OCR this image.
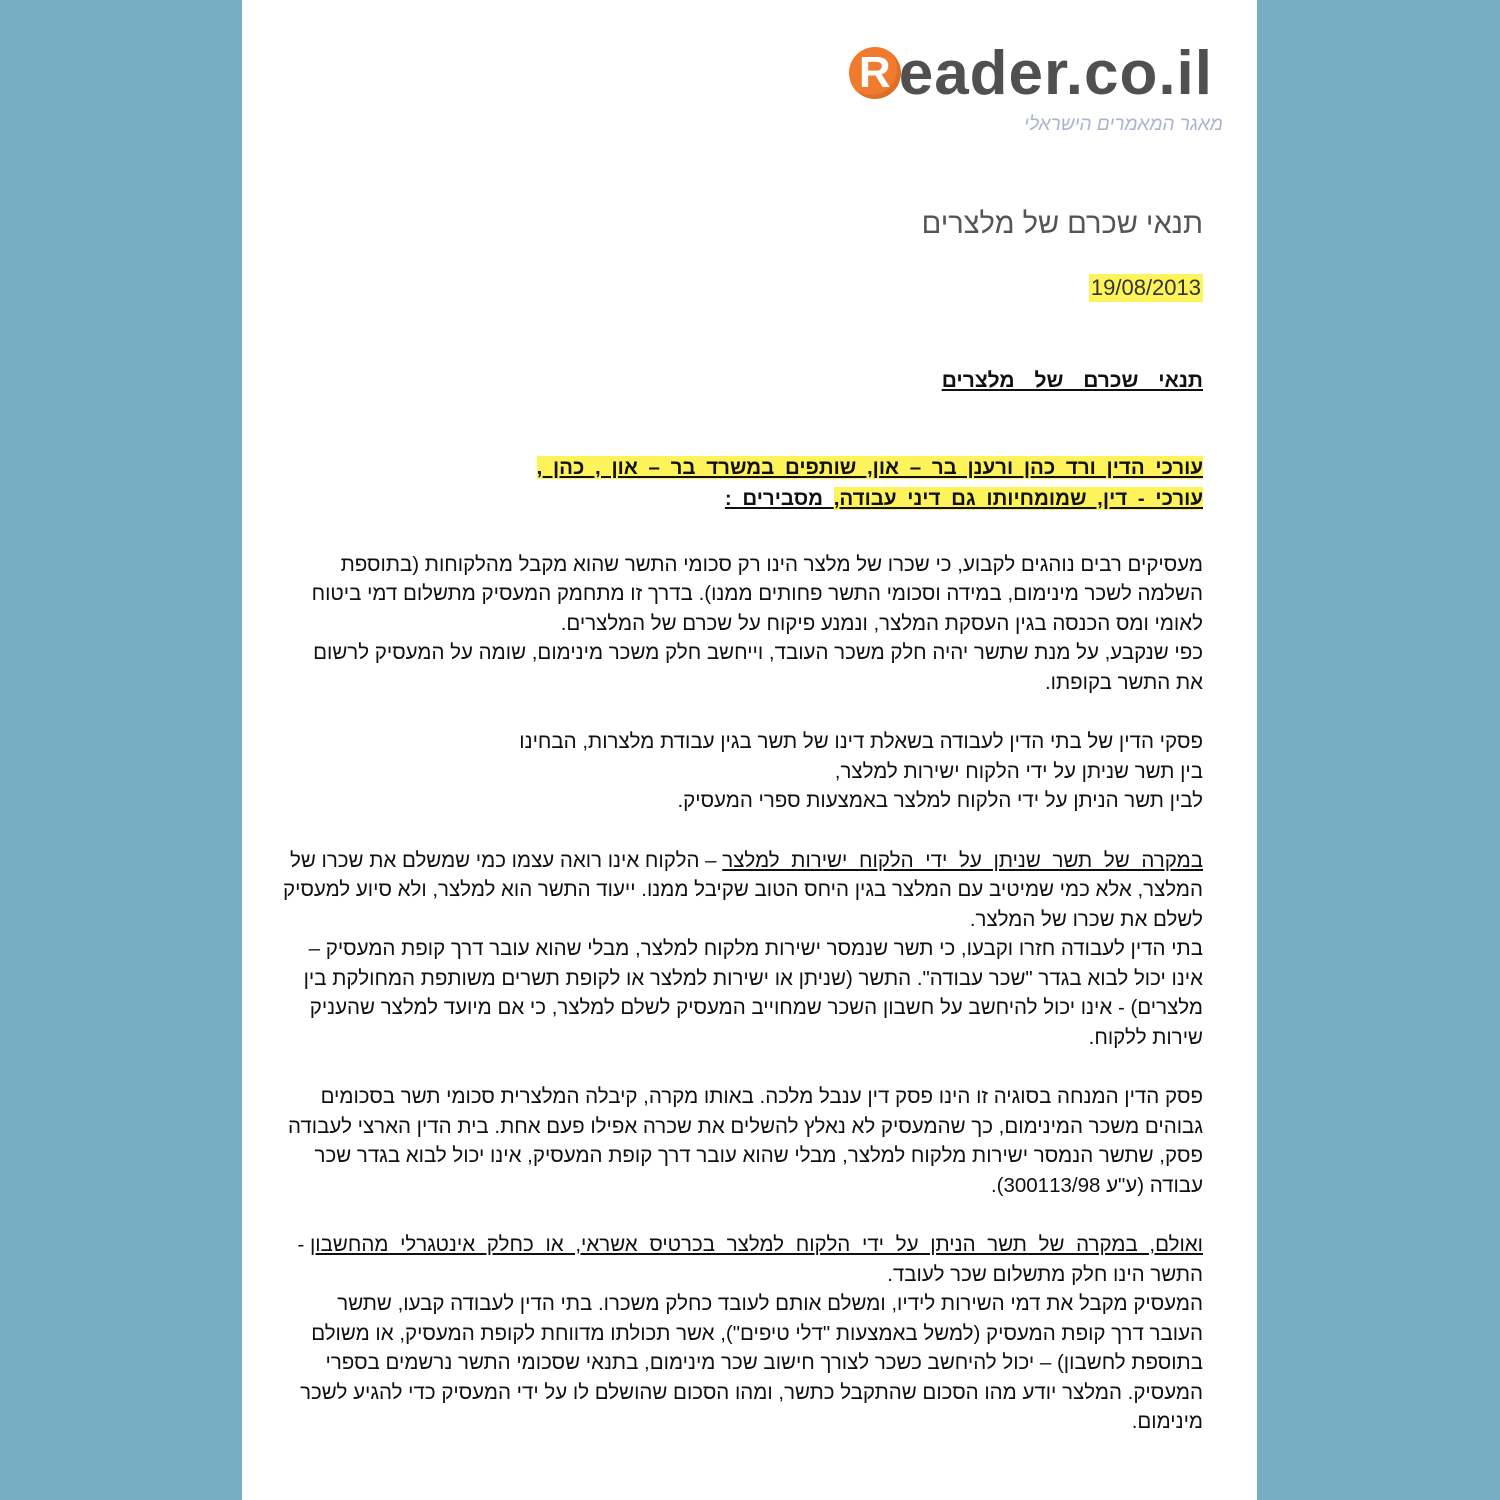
R eader.co.il
מאגר המאמרים הישראלי
תנאי שכרם של מלצרים
19/08/2013

תנאי שכרם של מלצרים

עורכי הדין ורד כהן ורענן בר – און, שותפים במשרד בר – און , כהן , עורכי - דין, שמומחיותו גם דיני עבודה, מסבירים :

מעסיקים רבים נוהגים לקבוע, כי שכרו של מלצר הינו רק סכומי התשר שהוא מקבל מהלקוחות (בתוספת השלמה לשכר מינימום, במידה וסכומי התשר פחותים ממנו). בדרך זו מתחמק המעסיק מתשלום דמי ביטוח לאומי ומס הכנסה בגין העסקת המלצר, ונמנע פיקוח על שכרם של המלצרים.

כפי שנקבע, על מנת שתשר יהיה חלק משכר העובד, וייחשב חלק משכר מינימום, שומה על המעסיק לרשום את התשר בקופתו.

פסקי הדין של בתי הדין לעבודה בשאלת דינו של תשר בגין עבודת מלצרות, הבחינו

בין תשר שניתן על ידי הלקוח ישירות למלצר,

לבין תשר הניתן על ידי הלקוח למלצר באמצעות ספרי המעסיק.

במקרה של תשר שניתן על ידי הלקוח ישירות למלצר – הלקוח אינו רואה עצמו כמי שמשלם את שכרו של המלצר, אלא כמי שמיטיב עם המלצר בגין היחס הטוב שקיבל ממנו. ייעוד התשר הוא למלצר, ולא סיוע למעסיק לשלם את שכרו של המלצר.

בתי הדין לעבודה חזרו וקבעו, כי תשר שנמסר ישירות מלקוח למלצר, מבלי שהוא עובר דרך קופת המעסיק – אינו יכול לבוא בגדר "שכר עבודה". התשר (שניתן או ישירות למלצר או לקופת תשרים משותפת המחולקת בין מלצרים) - אינו יכול להיחשב על חשבון השכר שמחוייב המעסיק לשלם למלצר, כי אם מיועד למלצר שהעניק שירות ללקוח.

פסק הדין המנחה בסוגיה זו הינו פסק דין ענבל מלכה. באותו מקרה, קיבלה המלצרית סכומי תשר בסכומים גבוהים משכר המינימום, כך שהמעסיק לא נאלץ להשלים את שכרה אפילו פעם אחת. בית הדין הארצי לעבודה פסק, שתשר הנמסר ישירות מלקוח למלצר, מבלי שהוא עובר דרך קופת המעסיק, אינו יכול לבוא בגדר שכר עבודה (ע"ע 300113/98).

ואולם, במקרה של תשר הניתן על ידי הלקוח למלצר בכרטיס אשראי, או כחלק אינטגרלי מהחשבון - התשר הינו חלק מתשלום שכר לעובד.

המעסיק מקבל את דמי השירות לידיו, ומשלם אותם לעובד כחלק משכרו. בתי הדין לעבודה קבעו, שתשר העובר דרך קופת המעסיק (למשל באמצעות "דלי טיפים"), אשר תכולתו מדווחת לקופת המעסיק, או משולם בתוספת לחשבון) – יכול להיחשב כשכר לצורך חישוב שכר מינימום, בתנאי שסכומי התשר נרשמים בספרי המעסיק. המלצר יודע מהו הסכום שהתקבל כתשר, ומהו הסכום שהושלם לו על ידי המעסיק כדי להגיע לשכר מינימום.
